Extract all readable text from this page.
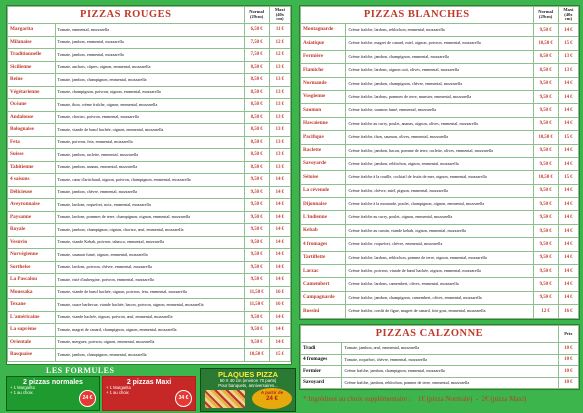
PIZZAS ROUGES		Normal (29cm)	Maxi (40x cm)
Margarita	Tomate, emmental, mozzarella	6,50 €	11 €
Milanaise	Tomate, jambon, emmental, mozzarella	7,50 €	12 €
Traditionnelle	Tomate, jambon, emmental, mozzarella	7,50 €	12 €
Sicilienne	Tomate, anchois, câpres, oignon, emmental, mozzarella	8,50 €	13 €
Reine	Tomate, jambon, champignon, emmental, mozzarella	8,50 €	13 €
Végétarienne	Tomate, champignon, poivron, oignon, emmental, mozzarella	8,50 €	13 €
Océane	Tomate, thon, crème fraîche, oignon, emmental, mozzarella	8,50 €	13 €
Andalouse	Tomate, chorizo, poivron, emmental, mozzarella	8,50 €	13 €
Bolognaise	Tomate, viande de bœuf hachée, oignon, emmental, mozzarella	8,50 €	13 €
Feta	Tomate, poivron, feta, emmental, mozzarella	8,50 €	13 €
Suisse	Tomate, jambon, raclette, emmental, mozzarella	8,50 €	13 €
Tahitienne	Tomate, jambon, ananas, emmental, mozzarella	8,50 €	13 €
4 saisons	Tomate, cœur d'artichaud, oignon, poivron, champignon, emmental, mozzarella	9,50 €	14 €
Délicieuse	Tomate, jambon, chèvre, emmental, mozzarella	9,50 €	14 €
Aveyronnaise	Tomate, lardons, roquefort, noix, emmental, mozzarella	9,50 €	14 €
Paysanne	Tomate, lardons, pommes de terre, champignon, oignon, emmental, mozzarella	9,50 €	14 €
Royale	Tomate, jambon, champignon, oignon, chorizo, œuf, emmental, mozzarella	9,50 €	14 €
Vesuvio	Tomate, viande Kebab, poivron, tabasco, emmental, mozzarella	9,50 €	14 €
Norvégienne	Tomate, saumon fumé, oignon, emmental, mozzarella	9,50 €	14 €
Sortheise	Tomate, lardons, poivron, chèvre, emmental, mozzarella	9,50 €	14 €
La Pascalou	Tomate, risté d'aubergine, poivron, emmental, mozzarella	9,50 €	14 €
Moussaka	Tomate, viande de bœuf hachée, oignon, poivron, feta, emmental, mozzarella	11,50 €	16 €
Texane	Tomate, sauce barbecue, viande hachée, bacon, poivron, oignon, emmental, mozzarella	11,50 €	16 €
L'américaine	Tomate, viande hachée, oignon, poivron, œuf, emmental, mozzarella	9,50 €	14 €
La suprême	Tomate, magret de canard, champignon, oignon, emmental, mozzarella	9,50 €	14 €
Orientale	Tomate, merguez, poivron, oignon, emmental, mozzarella	9,50 €	14 €
Basquaise	Tomate, jambon, champignon, emmental, mozzarella	10,50 €	15 €
PIZZAS BLANCHES		Normal (29cm)	Maxi (40x cm)
Montagnarde	Crème fraîche, lardons, reblochon, emmental, mozzarella	9,50 €	14 €
Asiatique	Crème fraîche, magret de canard, miel, oignon, poivron, emmental, mozzarella	10,50 €	15 €
Fermière	Crème fraîche, jambon, champignon, emmental, mozzarella	8,50 €	13 €
Flamiche	Crème fraîche, lardons, oignon cuit, olives, emmental, mozzarella	8,50 €	13 €
Normande	Crème fraîche, jambon, champignon, chèvre, emmental, mozzarella	9,50 €	14 €
Vosgienne	Crème fraîche, lardons, pommes de terre, munster, emmental, mozzarella	9,50 €	14 €
Saumon	Crème fraîche, saumon fumé, emmental, mozzarella	9,50 €	14 €
Hawaienne	Crème fraîche au curry, poulet, ananas, oignon, olives, emmental, mozzarella	9,50 €	14 €
Pacifique	Crème fraîche, thon, saumon, olives, emmental, mozzarella	10,50 €	15 €
Raclette	Crème fraîche, jambon, bacon, pomme de terre, raclette, olives, emmental, mozzarella	9,50 €	14 €
Savoyarde	Crème fraîche, jambon, reblochon, oignon, emmental, mozzarella	9,50 €	14 €
Sétoise	Crème fraîche à la rouille, cocktail de fruits de mer, oignon, emmental, mozzarella	10,50 €	15 €
La cévenole	Crème fraîche, chèvre, miel, pignon, emmental, mozzarella	9,50 €	14 €
Dijonnaise	Crème fraîche à la moutarde, poulet, champignon, oignon, emmental, mozzarella	9,50 €	14 €
L'indienne	Crème fraîche au curry, poulet, oignon, emmental, mozzarella	9,50 €	14 €
Kebab	Crème fraîche au cumin, viande kebab, oignon, emmental, mozzarella	9,50 €	14 €
4 fromages	Crème fraîche, roquefort, chèvre, emmental, mozzarella	9,50 €	14 €
Tartiflette	Crème fraîche, lardons, reblochon, pomme de terre, oignon, emmental, mozzarella	9,50 €	14 €
Larzac	Crème fraîche, poivron, viande de bœuf hachée, oignon, emmental, mozzarella	9,50 €	14 €
Camembert	Crème fraîche, lardons, camembert, olives, emmental, mozzarella	9,50 €	14 €
Campagnarde	Crème fraîche, jambon, champignon, camembert, olives, emmental, mozzarella	9,50 €	14 €
Rossini	Crème fraîche, confit de figue, magret de canard, foie gras, emmental, mozzarella	12 €	16 €
PIZZAS CALZONNE		Prix
Tradi	Tomate, jambon, œuf, emmental, mozzarella	10 €
4 fromages	Tomate, roquefort, chèvre, emmental, mozzarella	10 €
Fermier	Crème fraîche, jambon, champignon, emmental, mozzarella	10 €
Savoyard	Crème fraîche, jambon, reblochon, pomme de terre, emmental, mozzarella	10 €
LES FORMULES
2 pizzas normales
+ 1 Margarita
+ 1 au choix
24 €
2 pizzas Maxi
+ 1 Margarita
+ 1 au choix
34 €
PLAQUES PIZZA
60 X 40 cm (environ 70 parts)
Pour banquets, anniversaires...
A partir de
24 €	* Ingrédient au choix supplémentaire : 1€ (pizza Normale) - 2€ (pizza Maxi)
